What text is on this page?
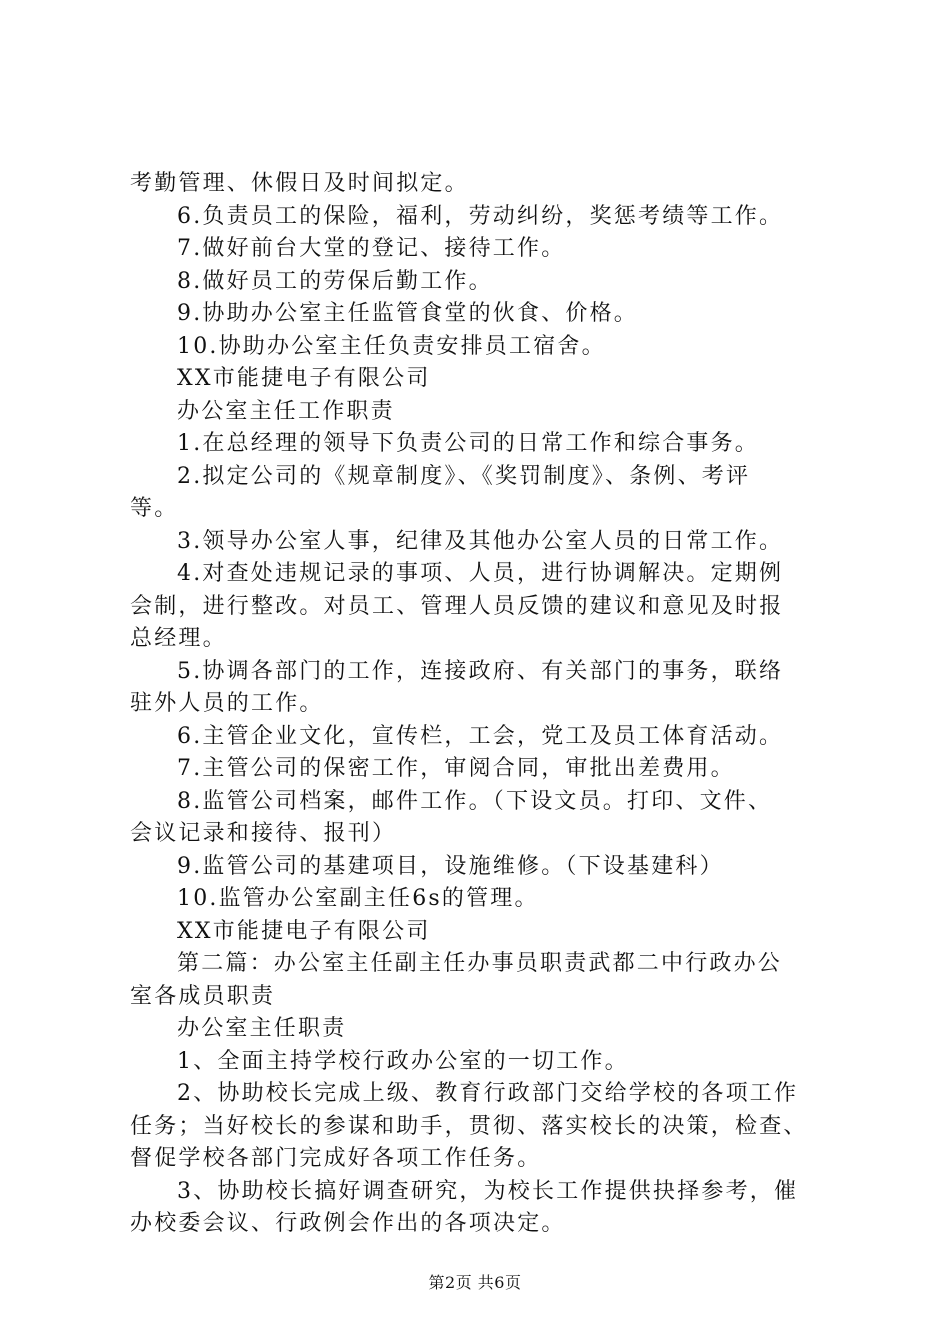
考勤管理、休假日及时间拟定。
6.负责员工的保险，福利，劳动纠纷，奖惩考绩等工作。
7.做好前台大堂的登记、接待工作。
8.做好员工的劳保后勤工作。
9.协助办公室主任监管食堂的伙食、价格。
10.协助办公室主任负责安排员工宿舍。
XX市能捷电子有限公司
办公室主任工作职责
1.在总经理的领导下负责公司的日常工作和综合事务。
2.拟定公司的《规章制度》、《奖罚制度》、条例、考评
等。
3.领导办公室人事，纪律及其他办公室人员的日常工作。
4.对查处违规记录的事项、人员，进行协调解决。定期例
会制，进行整改。对员工、管理人员反馈的建议和意见及时报
总经理。
5.协调各部门的工作，连接政府、有关部门的事务，联络
驻外人员的工作。
6.主管企业文化，宣传栏，工会，党工及员工体育活动。
7.主管公司的保密工作，审阅合同，审批出差费用。
8.监管公司档案，邮件工作。（下设文员。打印、文件、
会议记录和接待、报刊）
9.监管公司的基建项目，设施维修。（下设基建科）
10.监管办公室副主任6s的管理。
XX市能捷电子有限公司
第二篇：办公室主任副主任办事员职责武都二中行政办公
室各成员职责
办公室主任职责
1、全面主持学校行政办公室的一切工作。
2、协助校长完成上级、教育行政部门交给学校的各项工作
任务；当好校长的参谋和助手，贯彻、落实校长的决策，检查、
督促学校各部门完成好各项工作任务。
3、协助校长搞好调查研究，为校长工作提供抉择参考，催
办校委会议、行政例会作出的各项决定。
第2页 共6页
